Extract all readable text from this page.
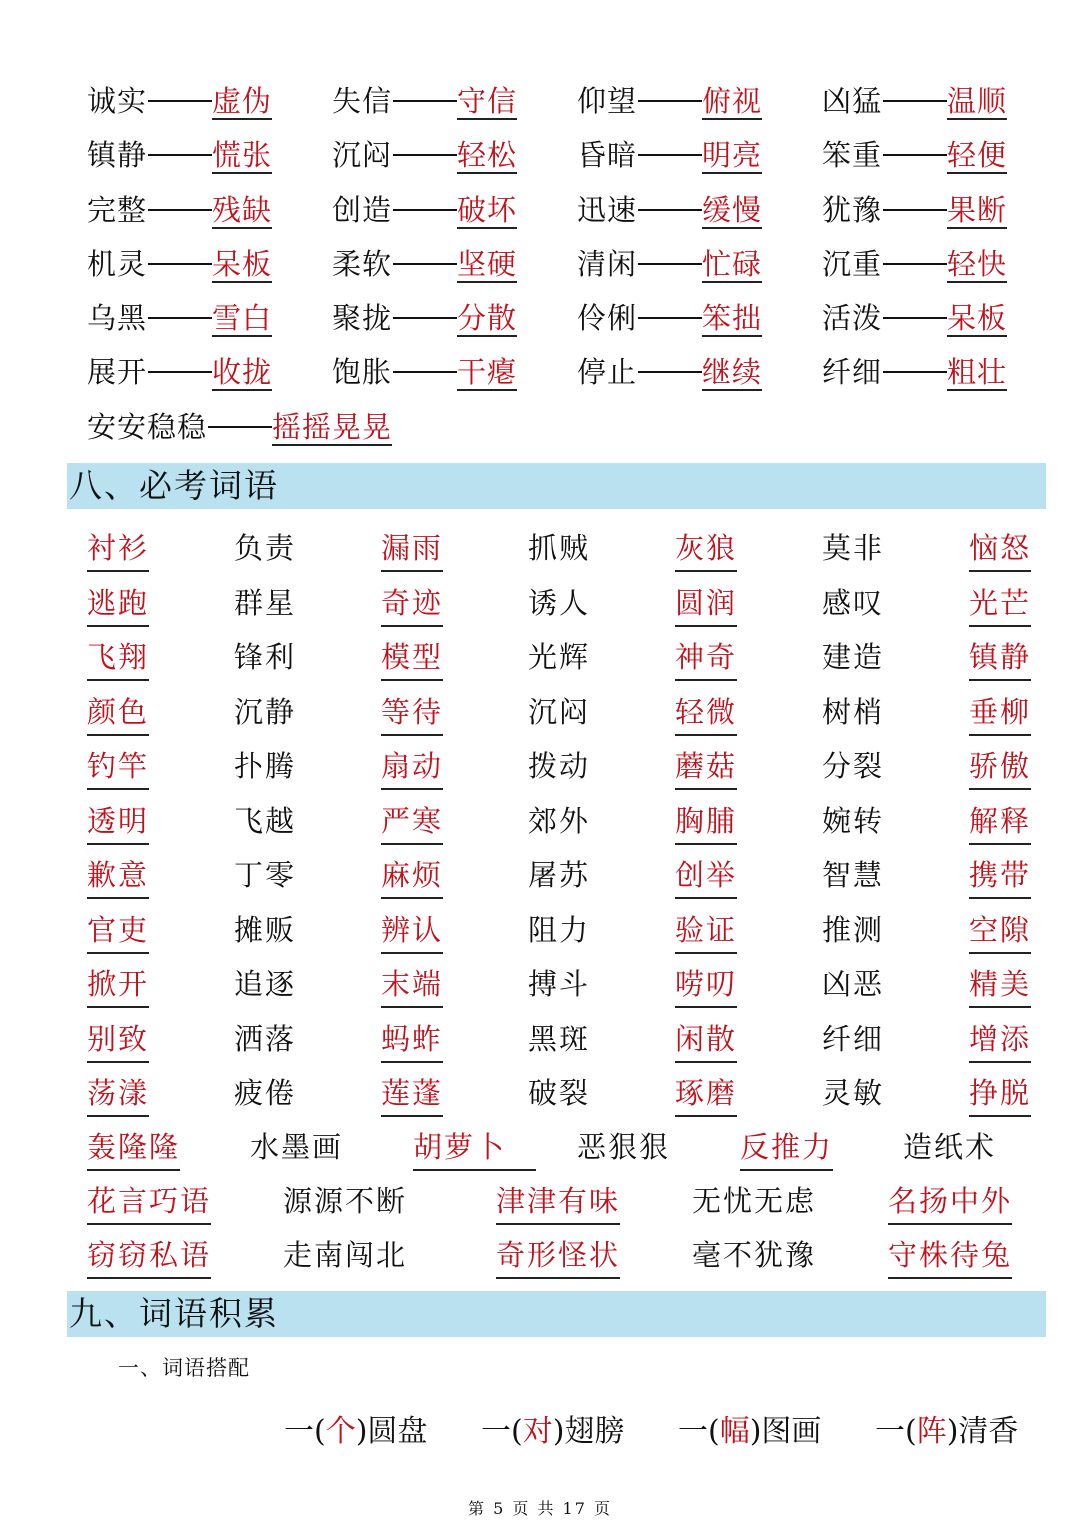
诚实 虚伪 失信 守信 仰望 俯视 凶猛 温顺
镇静 慌张 沉闷 轻松 昏暗 明亮 笨重 轻便
完整 残缺 创造 破坏 迅速 缓慢 犹豫 果断
机灵 呆板 柔软 坚硬 清闲 忙碌 沉重 轻快
乌黑 雪白 聚拢 分散 伶俐 笨拙 活泼 呆板
展开 收拢 饱胀 干瘪 停止 继续 纤细 粗壮
安安稳稳 摇摇晃晃
八、必考词语
衬衫	负责	漏雨	抓贼	灰狼	莫非	恼怒
逃跑	群星	奇迹	诱人	圆润	感叹	光芒
飞翔	锋利	模型	光辉	神奇	建造	镇静
颜色	沉静	等待	沉闷	轻微	树梢	垂柳
钓竿	扑腾	扇动	拨动	蘑菇	分裂	骄傲
透明	飞越	严寒	郊外	胸脯	婉转	解释
歉意	丁零	麻烦	屠苏	创举	智慧	携带
官吏	摊贩	辨认	阻力	验证	推测	空隙
掀开	追逐	末端	搏斗	唠叨	凶恶	精美
别致	洒落	蚂蚱	黑斑	闲散	纤细	增添
荡漾	疲倦	莲蓬	破裂	琢磨	灵敏	挣脱
轰隆隆 水墨画 胡萝卜	恶狠狠 反推力 造纸术
花言巧语 源源不断	津津有味 无忧无虑 名扬中外
窃窃私语 走南闯北	奇形怪状 毫不犹豫 守株待兔
九、词语积累
一、词语搭配
一(个)圆盘 一(对)翅膀 一(幅)图画 一(阵)清香
第 5 页 共 17 页
